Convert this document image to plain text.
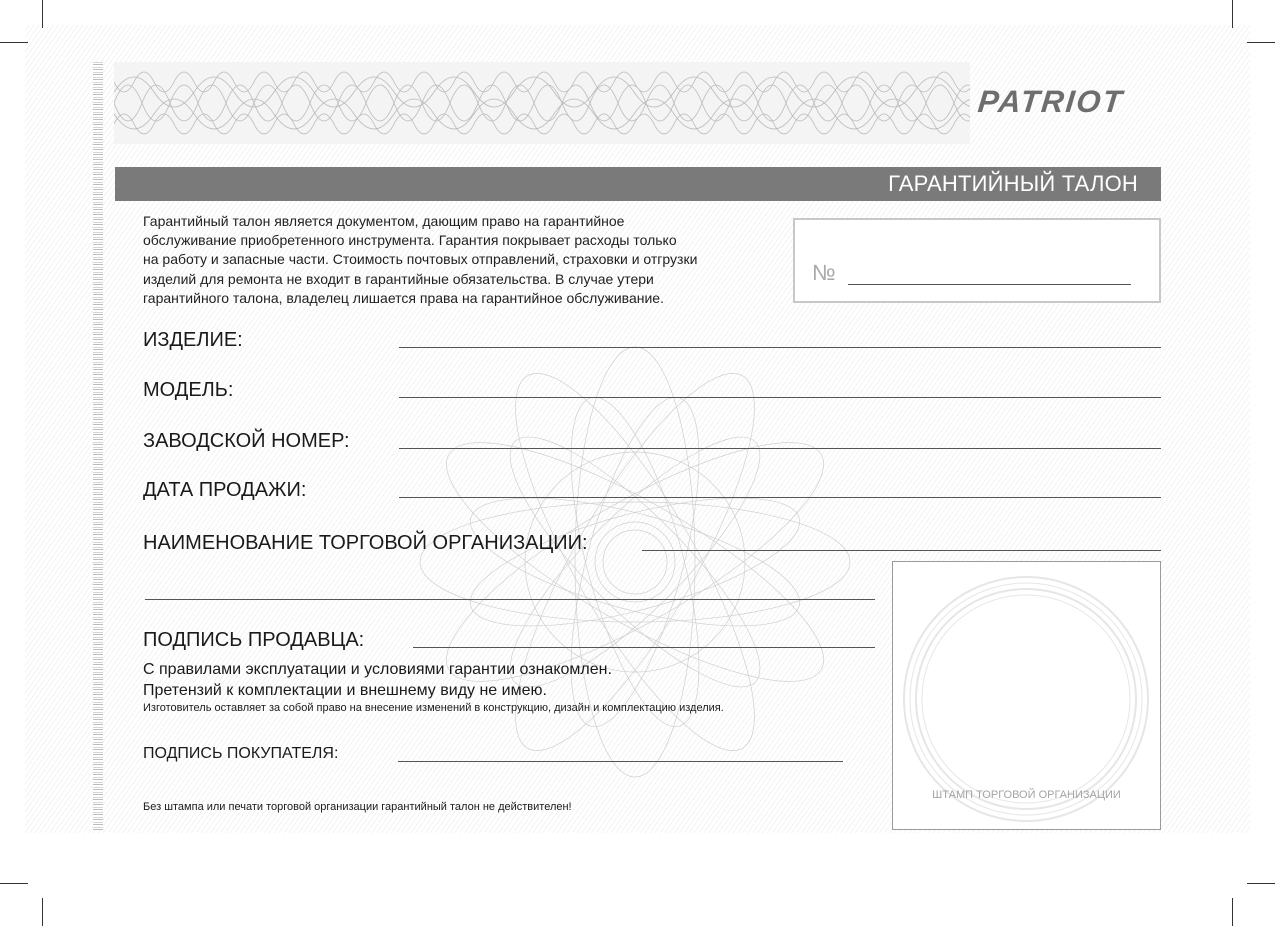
PATRIOT
ГАРАНТИЙНЫЙ ТАЛОН
Гарантийный талон является документом, дающим право на гарантийное
обслуживание приобретенного инструмента. Гарантия покрывает расходы только
на работу и запасные части. Стоимость почтовых отправлений, страховки и отгрузки
изделий для ремонта не входит в гарантийные обязательства. В случае утери
гарантийного талона, владелец лишается права на гарантийное обслуживание.
№
ИЗДЕЛИЕ:
МОДЕЛЬ:
ЗАВОДСКОЙ НОМЕР:
ДАТА ПРОДАЖИ:
НАИМЕНОВАНИЕ ТОРГОВОЙ ОРГАНИЗАЦИИ:
ПОДПИСЬ ПРОДАВЦА:
С правилами эксплуатации и условиями гарантии ознакомлен.
Претензий к комплектации и внешнему виду не имею.
Изготовитель оставляет за собой право на внесение изменений в конструкцию, дизайн и комплектацию изделия.
ПОДПИСЬ ПОКУПАТЕЛЯ:
Без штампа или печати торговой организации гарантийный талон не действителен!
ШТАМП ТОРГОВОЙ ОРГАНИЗАЦИИ
